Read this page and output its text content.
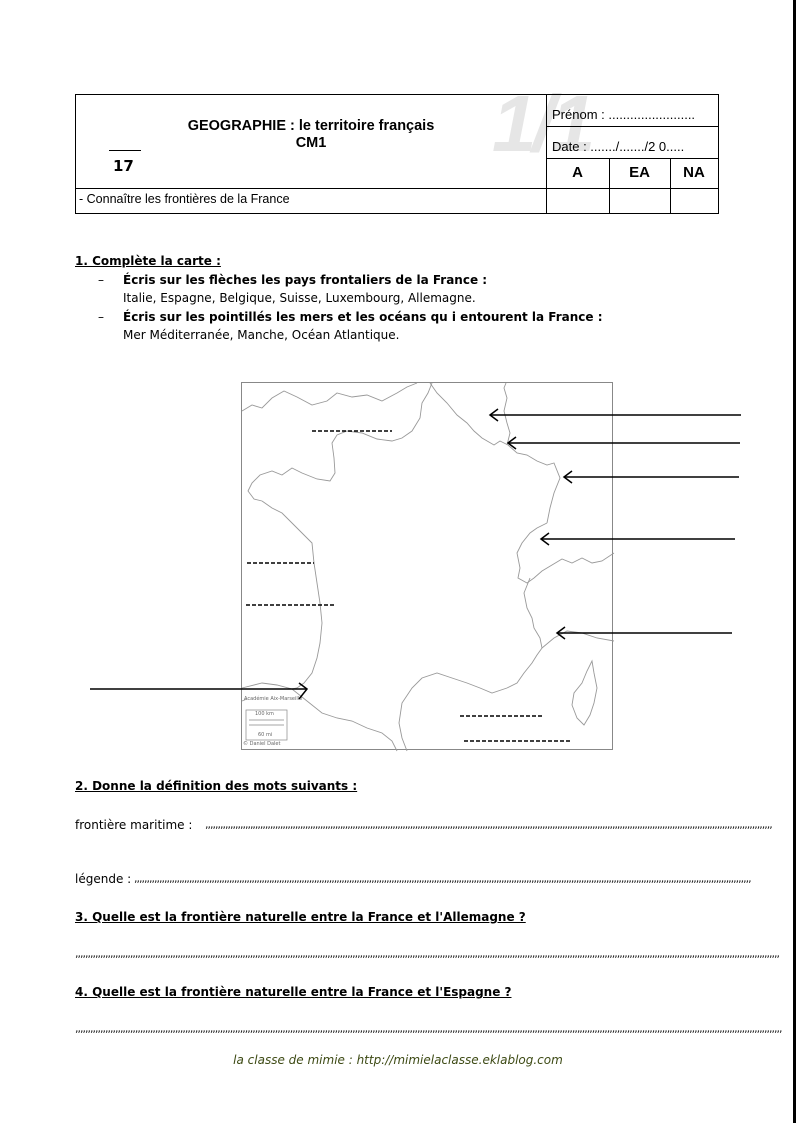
1/1
GEOGRAPHIE : le territoire français
CM1
17
Prénom : ........................
Date : ......./......./2 0.....
A	EA	NA
- Connaître les frontières de la France
1. Complète la carte :
– Écris sur les flèches les pays frontaliers de la France :
Italie, Espagne, Belgique, Suisse, Luxembourg, Allemagne.
– Écris sur les pointillés les mers et les océans qu i entourent la France :
Mer Méditerranée, Manche, Océan Atlantique.
Académie Aix-Marseille
100 km
60 mi
© Daniel Dalet
2. Donne la définition des mots suivants :
frontière maritime : ,,,,,,,,,,,,,,,,,,,,,,,,,,,,,,,,,,,,,,,,,,,,,,,,,,,,,,,,,,,,,,,,,,,,,,,,,,,,,,,,,,,,,,,,,,,,,,,,,,,,,,,,,,,,,,,,,,,,,,,,,,,,,,,,,,,,,,,,,,,,,,,,,,,,,,,,,,,,,,,,,,,,,,,,,,,,,,,,,,,,,,,,,,,,,,,,,,,,,,,,,,,,,,,,,,,,,,,,,,,,,,,,,,,
légende : ,,,,,,,,,,,,,,,,,,,,,,,,,,,,,,,,,,,,,,,,,,,,,,,,,,,,,,,,,,,,,,,,,,,,,,,,,,,,,,,,,,,,,,,,,,,,,,,,,,,,,,,,,,,,,,,,,,,,,,,,,,,,,,,,,,,,,,,,,,,,,,,,,,,,,,,,,,,,,,,,,,,,,,,,,,,,,,,,,,,,,,,,,,,,,,,,,,,,,,,,,,,,,,,,,,,,,,,,,,,,,,,,,,,,,,,,,,,,,,,,,,,,,,,
3. Quelle est la frontière naturelle entre la France et l'Allemagne ?
,,,,,,,,,,,,,,,,,,,,,,,,,,,,,,,,,,,,,,,,,,,,,,,,,,,,,,,,,,,,,,,,,,,,,,,,,,,,,,,,,,,,,,,,,,,,,,,,,,,,,,,,,,,,,,,,,,,,,,,,,,,,,,,,,,,,,,,,,,,,,,,,,,,,,,,,,,,,,,,,,,,,,,,,,,,,,,,,,,,,,,,,,,,,,,,,,,,,,,,,,,,,,,,,,,,,,,,,,,,,,,,,,,,,,,,,,,,,,,,,,,,,,,,,,,,,,,,,,,,,,,,,,,,,,,,,,,,,,,,,,,
4. Quelle est la frontière naturelle entre la France et l'Espagne ?
,,,,,,,,,,,,,,,,,,,,,,,,,,,,,,,,,,,,,,,,,,,,,,,,,,,,,,,,,,,,,,,,,,,,,,,,,,,,,,,,,,,,,,,,,,,,,,,,,,,,,,,,,,,,,,,,,,,,,,,,,,,,,,,,,,,,,,,,,,,,,,,,,,,,,,,,,,,,,,,,,,,,,,,,,,,,,,,,,,,,,,,,,,,,,,,,,,,,,,,,,,,,,,,,,,,,,,,,,,,,,,,,,,,,,,,,,,,,,,,,,,,,,,,,,,,,,,,,,,,,,,,,,,,,,,,,,,,,,,,,,,,
la classe de mimie : http://mimielaclasse.eklablog.com
